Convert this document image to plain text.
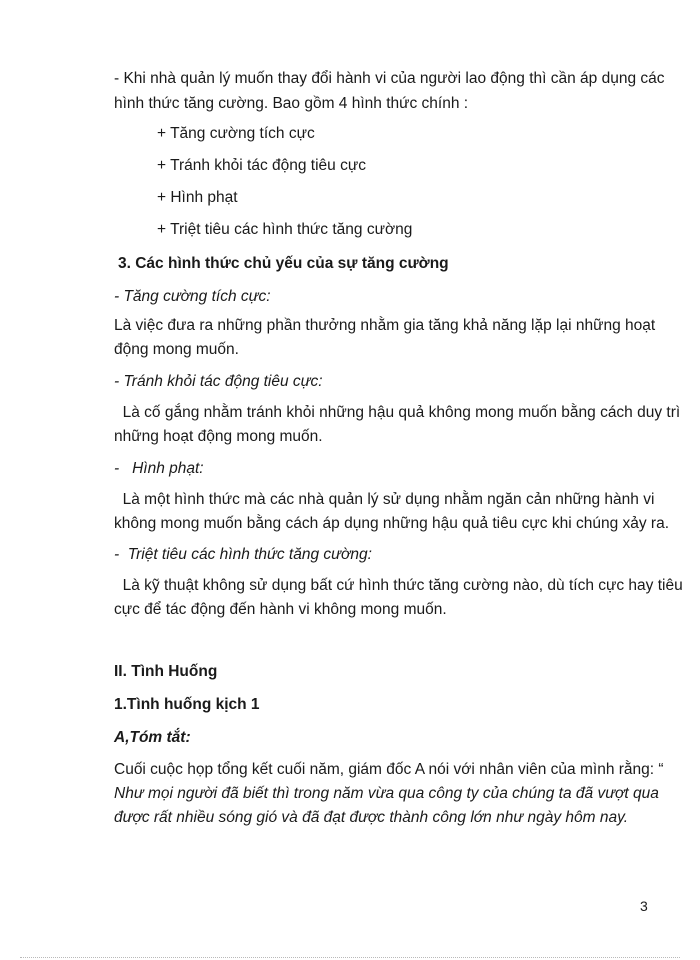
- Khi nhà quản lý muốn thay đổi hành vi của người lao động thì cần áp dụng các
hình thức tăng cường. Bao gồm 4 hình thức chính :
+ Tăng cường tích cực
+ Tránh khỏi tác động tiêu cực
+ Hình phạt
+ Triệt tiêu các hình thức tăng cường
3. Các hình thức chủ yếu của sự tăng cường
- Tăng cường tích cực:
Là việc đưa ra những phần thưởng nhằm gia tăng khả năng lặp lại những hoạt
động mong muốn.
- Tránh khỏi tác động tiêu cực:
Là cố gắng nhằm tránh khỏi những hậu quả không mong muốn bằng cách duy trì
những hoạt động mong muốn.
-   Hình phạt:
Là một hình thức mà các nhà quản lý sử dụng nhằm ngăn cản những hành vi
không mong muốn bằng cách áp dụng những hậu quả tiêu cực khi chúng xảy ra.
-  Triệt tiêu các hình thức tăng cường:
Là kỹ thuật không sử dụng bất cứ hình thức tăng cường nào, dù tích cực hay tiêu
cực để tác động đến hành vi không mong muốn.
II. Tình Huống
1.Tình huống kịch 1
A,Tóm tắt:
Cuối cuộc họp tổng kết cuối năm, giám đốc A nói với nhân viên của mình rằng: “
Như mọi người đã biết thì trong năm vừa qua công ty của chúng ta đã vượt qua
được rất nhiều sóng gió và đã đạt được thành công lớn như ngày hôm nay.
3
